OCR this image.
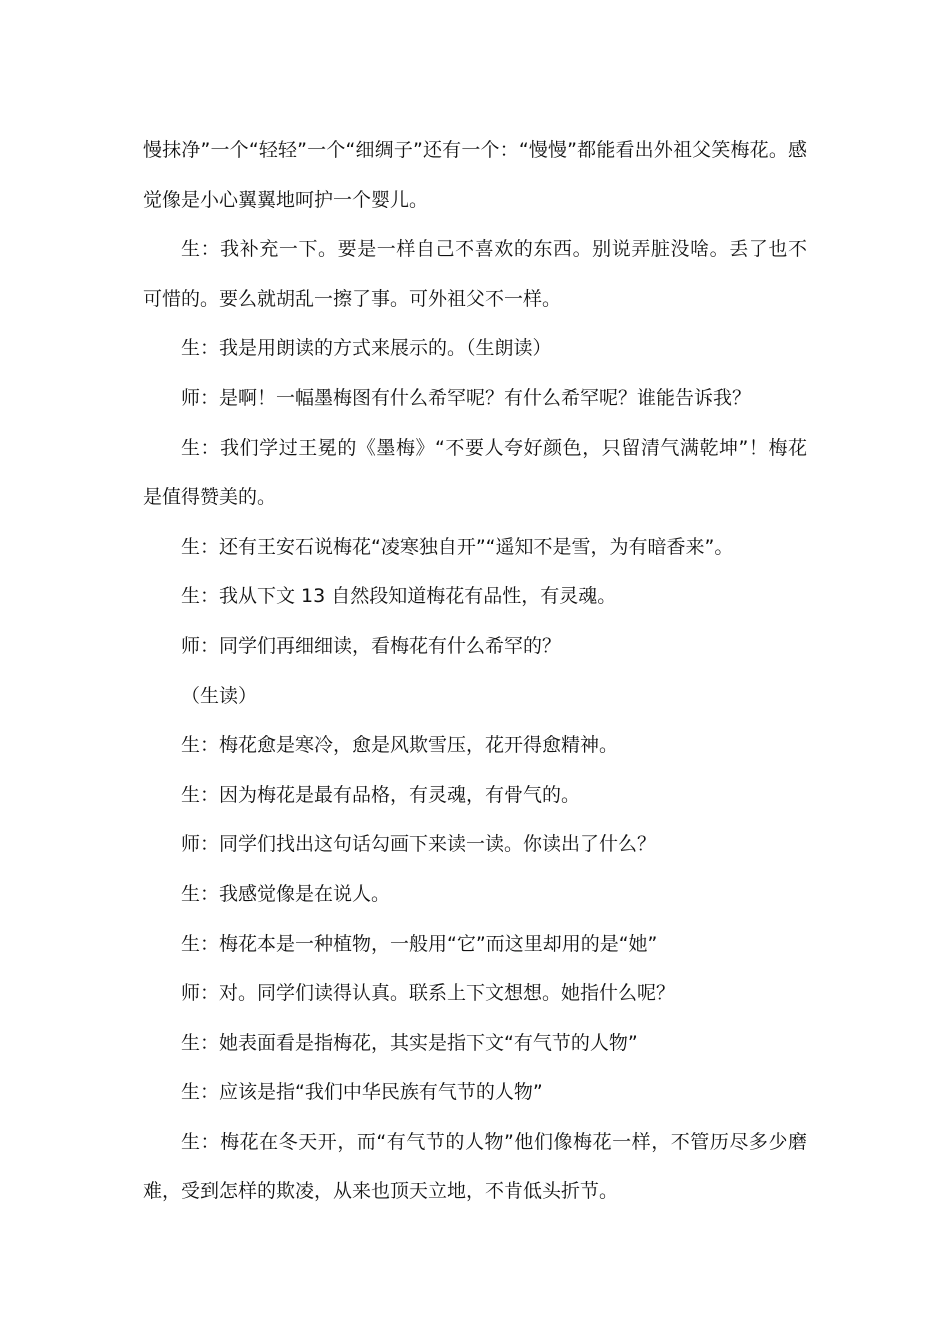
慢抹净”一个“轻轻”一个“细绸子”还有一个：“慢慢”都能看出外祖父笑梅花。感觉像是小心翼翼地呵护一个婴儿。

生：我补充一下。要是一样自己不喜欢的东西。别说弄脏没啥。丢了也不可惜的。要么就胡乱一擦了事。可外祖父不一样。

生：我是用朗读的方式来展示的。（生朗读）

师：是啊！一幅墨梅图有什么希罕呢？有什么希罕呢？谁能告诉我？

生：我们学过王冕的《墨梅》“不要人夸好颜色，只留清气满乾坤”！梅花是值得赞美的。

生：还有王安石说梅花“凌寒独自开”“遥知不是雪，为有暗香来”。

生：我从下文 13 自然段知道梅花有品性，有灵魂。

师：同学们再细细读，看梅花有什么希罕的？

（生读）

生：梅花愈是寒冷，愈是风欺雪压，花开得愈精神。

生：因为梅花是最有品格，有灵魂，有骨气的。

师：同学们找出这句话勾画下来读一读。你读出了什么？

生：我感觉像是在说人。

生：梅花本是一种植物，一般用“它”而这里却用的是“她”

师：对。同学们读得认真。联系上下文想想。她指什么呢？

生：她表面看是指梅花，其实是指下文“有气节的人物”

生：应该是指“我们中华民族有气节的人物”

生：梅花在冬天开，而“有气节的人物”他们像梅花一样，不管历尽多少磨难，受到怎样的欺凌，从来也顶天立地，不肯低头折节。
